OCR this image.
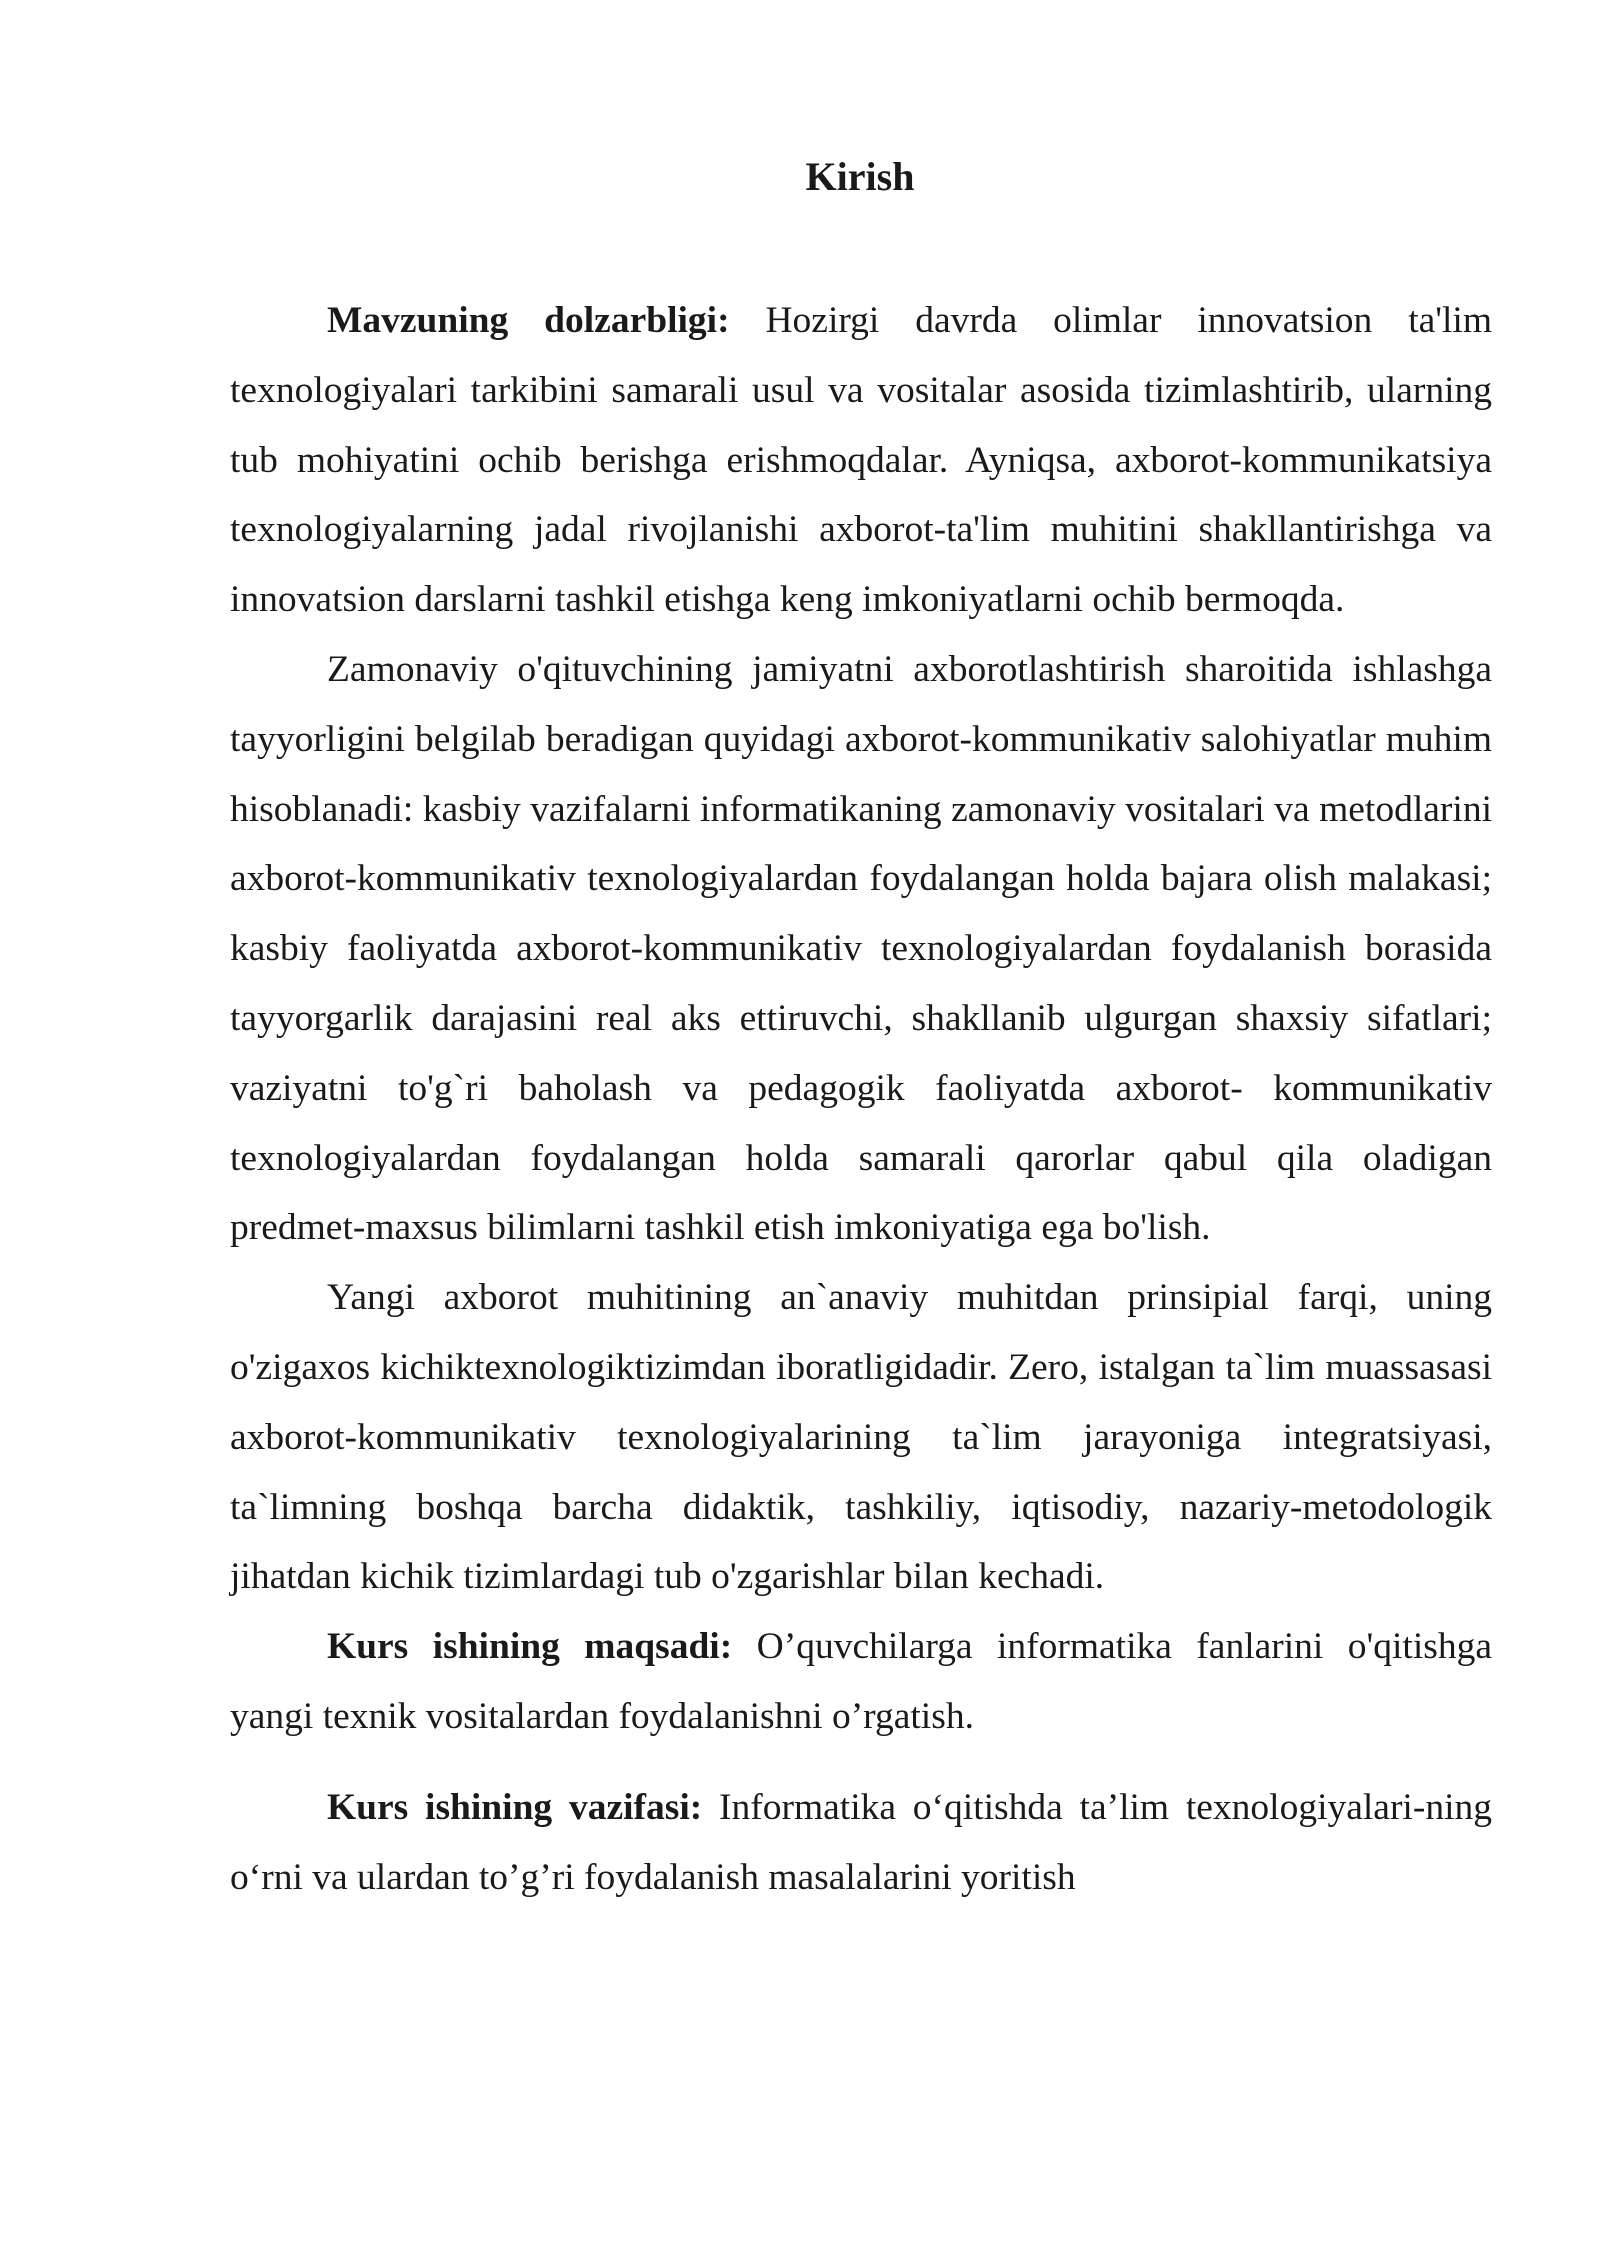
Kirish

Mavzuning dolzarbligi: Hozirgi davrda olimlar innovatsion ta'lim texnologiyalari tarkibini samarali usul va vositalar asosida tizimlashtirib, ularning tub mohiyatini ochib berishga erishmoqdalar. Ayniqsa, axborot-kommunikatsiya texnologiyalarning jadal rivojlanishi axborot-ta'lim muhitini shakllantirishga va innovatsion darslarni tashkil etishga keng imkoniyatlarni ochib bermoqda.

Zamonaviy o'qituvchining jamiyatni axborotlashtirish sharoitida ishlashga tayyorligini belgilab beradigan quyidagi axborot-kommunikativ salohiyatlar muhim hisoblanadi: kasbiy vazifalarni informatikaning zamonaviy vositalari va metodlarini axborot-kommunikativ texnologiyalardan foydalangan holda bajara olish malakasi; kasbiy faoliyatda axborot-kommunikativ texnologiyalardan foydalanish borasida tayyorgarlik darajasini real aks ettiruvchi, shakllanib ulgurgan shaxsiy sifatlari; vaziyatni to'g`ri baholash va pedagogik faoliyatda axborot- kommunikativ texnologiyalardan foydalangan holda samarali qarorlar qabul qila oladigan predmet-maxsus bilimlarni tashkil etish imkoniyatiga ega bo'lish.

Yangi axborot muhitining an`anaviy muhitdan prinsipial farqi, uning o'zigaxos kichiktexnologiktizimdan iboratligidadir. Zero, istalgan ta`lim muassasasi axborot-kommunikativ texnologiyalarining ta`lim jarayoniga integratsiyasi, ta`limning boshqa barcha didaktik, tashkiliy, iqtisodiy, nazariy-metodologik jihatdan kichik tizimlardagi tub o'zgarishlar bilan kechadi.

Kurs ishining maqsadi: O’quvchilarga informatika fanlarini o'qitishga yangi texnik vositalardan foydalanishni o’rgatish.

Kurs ishining vazifasi: Informatika o‘qitishda ta’lim texnologiyalari-ning o‘rni va ulardan to’g’ri foydalanish masalalarini yoritish
